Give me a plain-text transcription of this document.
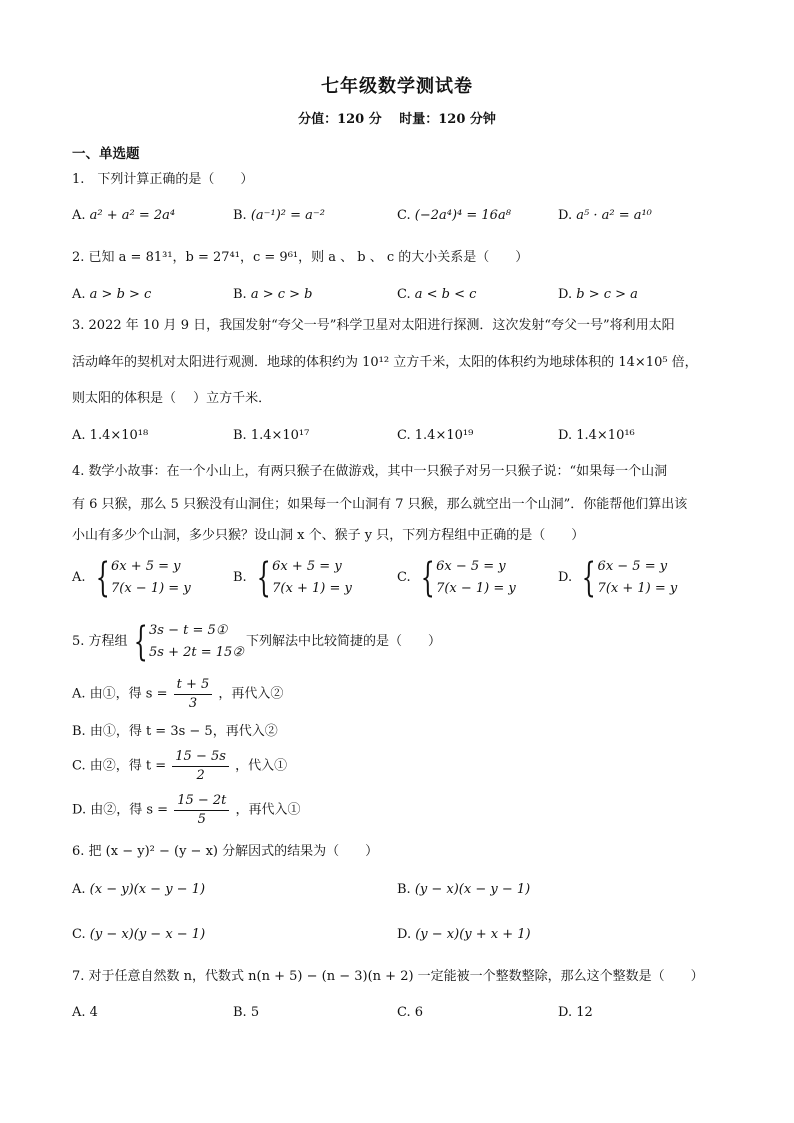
七年级数学测试卷
分值：120 分　 时量：120 分钟
一、单选题
1.　下列计算正确的是（　　）
A. a² + a² = 2a⁴	B. (a⁻¹)² = a⁻²	C. (−2a⁴)⁴ = 16a⁸	D. a⁵ · a² = a¹⁰
2. 已知 a = 81³¹，b = 27⁴¹，c = 9⁶¹，则 a 、 b 、 c 的大小关系是（　　）
A. a > b > c	B. a > c > b	C. a < b < c	D. b > c > a
3. 2022 年 10 月 9 日，我国发射“夸父一号”科学卫星对太阳进行探测．这次发射“夸父一号”将利用太阳
活动峰年的契机对太阳进行观测．地球的体积约为 10¹² 立方千米，太阳的体积约为地球体积的 14×10⁵ 倍，
则太阳的体积是（　 ）立方千米．
A. 1.4×10¹⁸	B. 1.4×10¹⁷	C. 1.4×10¹⁹	D. 1.4×10¹⁶
4. 数学小故事：在一个小山上，有两只猴子在做游戏，其中一只猴子对另一只猴子说：“如果每一个山洞
有 6 只猴，那么 5 只猴没有山洞住；如果每一个山洞有 7 只猴，那么就空出一个山洞”．你能帮他们算出该
小山有多少个山洞，多少只猴？设山洞 x 个、猴子 y 只，下列方程组中正确的是（　　）
A. { 6x + 5 = y
7(x − 1) = y
B. { 6x + 5 = y
7(x + 1) = y
C. { 6x − 5 = y
7(x − 1) = y
D. { 6x − 5 = y
7(x + 1) = y
5. 方程组 { 3s − t = 5①
5s + 2t = 15②
下列解法中比较简捷的是（　　）
A. 由①，得 $s = \frac{t + 5}{3}$ ，再代入②
B. 由①，得 t = 3s − 5，再代入②
C. 由②，得 $t = \frac{15 - 5s}{2}$ ，代入①
D. 由②，得 $s = \frac{15 - 2t}{5}$ ，再代入①
6. 把 (x − y)² − (y − x) 分解因式的结果为（　　）
A. (x − y)(x − y − 1)	B. (y − x)(x − y − 1)
C. (y − x)(y − x − 1)	D. (y − x)(y + x + 1)
7. 对于任意自然数 n，代数式 n(n + 5) − (n − 3)(n + 2) 一定能被一个整数整除，那么这个整数是（　　）
A. 4	B. 5	C. 6	D. 12
